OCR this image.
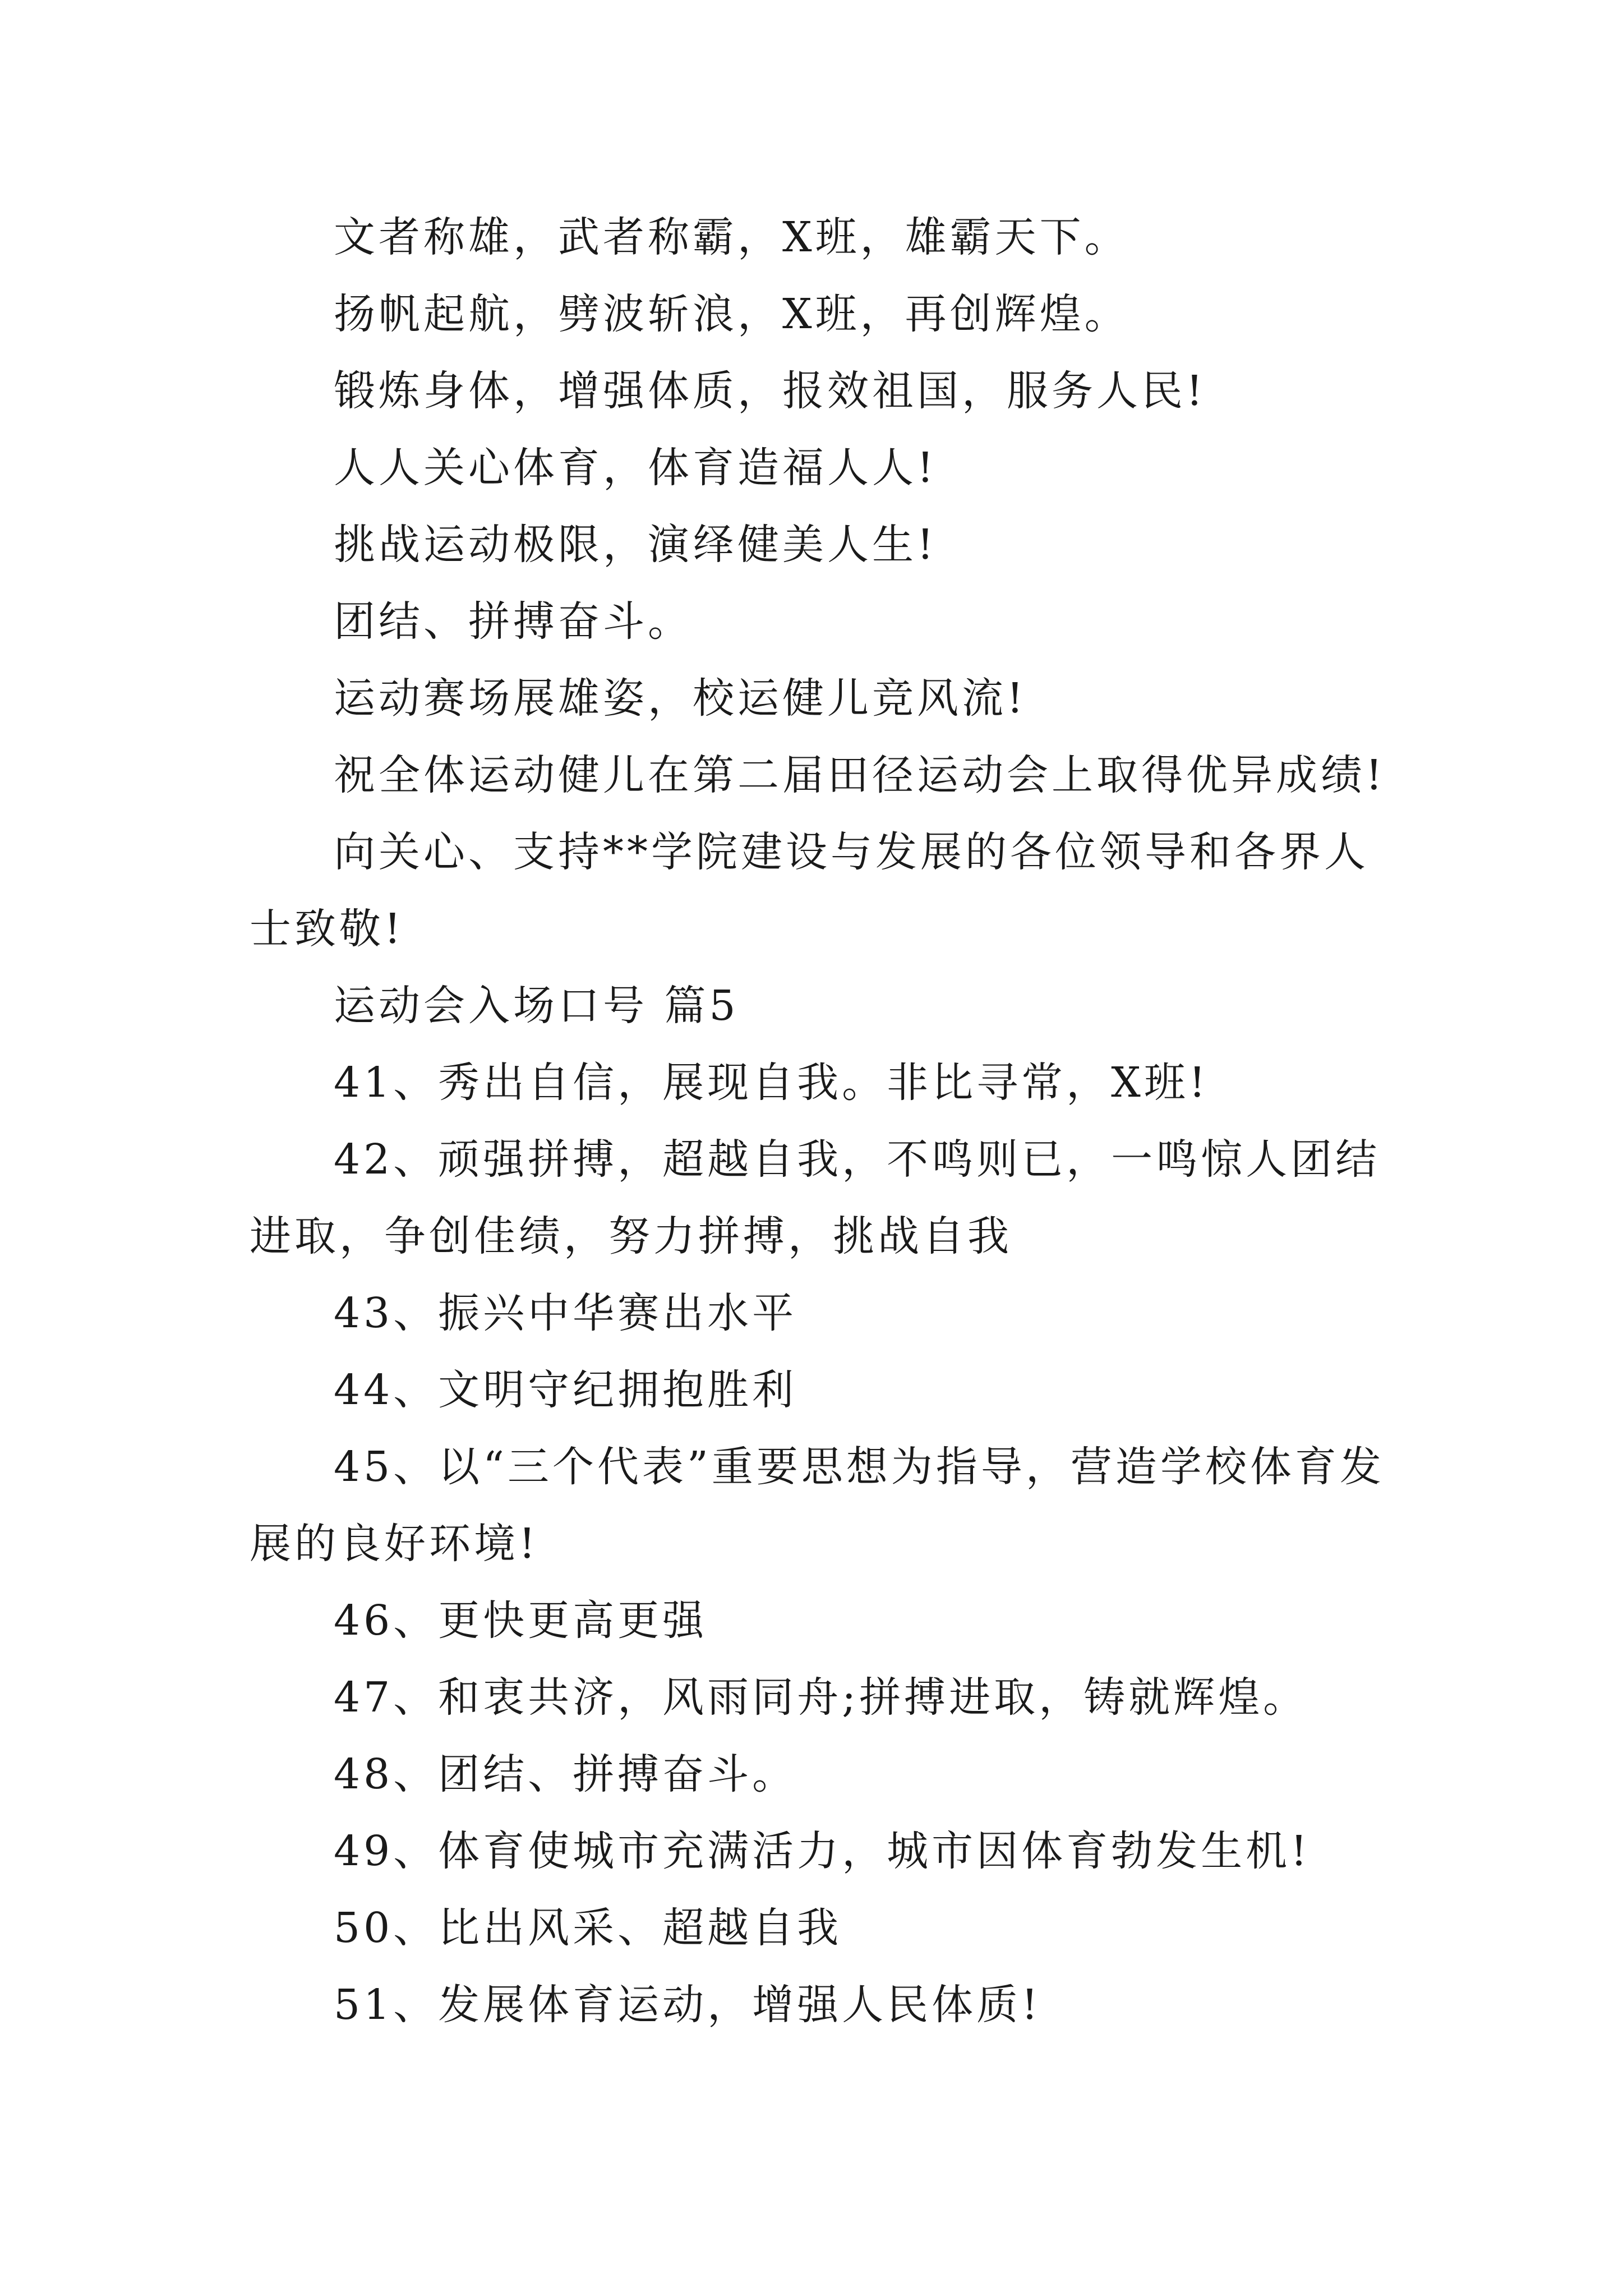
文者称雄，武者称霸，X班，雄霸天下。

扬帆起航，劈波斩浪，X班，再创辉煌。

锻炼身体，增强体质，报效祖国，服务人民!

人人关心体育，体育造福人人!

挑战运动极限，演绎健美人生!

团结、拼搏奋斗。

运动赛场展雄姿，校运健儿竞风流!

祝全体运动健儿在第二届田径运动会上取得优异成绩!

向关心、支持**学院建设与发展的各位领导和各界人士致敬!

运动会入场口号 篇5

41、秀出自信，展现自我。非比寻常，X班!

42、顽强拼搏，超越自我，不鸣则已，一鸣惊人团结进取，争创佳绩，努力拼搏，挑战自我

43、振兴中华赛出水平

44、文明守纪拥抱胜利

45、以“三个代表”重要思想为指导，营造学校体育发展的良好环境!

46、更快更高更强

47、和衷共济，风雨同舟;拼搏进取，铸就辉煌。

48、团结、拼搏奋斗。

49、体育使城市充满活力，城市因体育勃发生机!

50、比出风采、超越自我

51、发展体育运动，增强人民体质!
